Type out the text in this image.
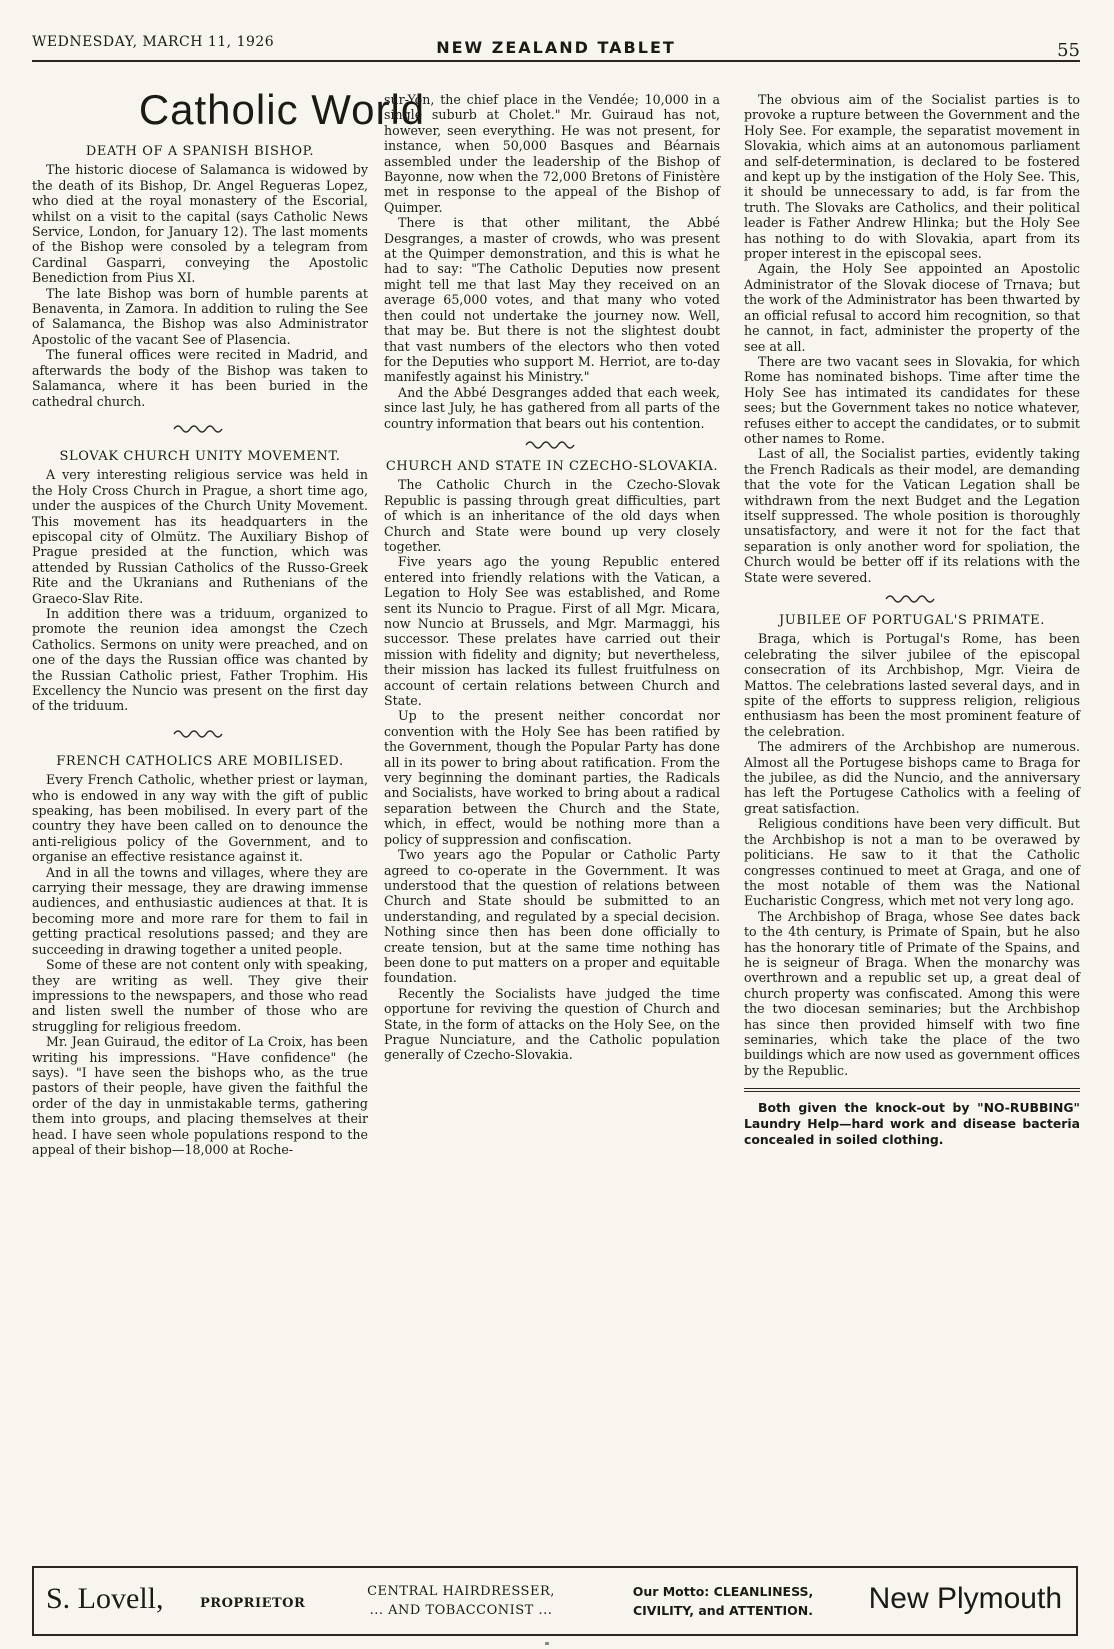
WEDNESDAY, MARCH 11, 1926	NEW ZEALAND TABLET	55
Catholic World
DEATH OF A SPANISH BISHOP.

The historic diocese of Salamanca is widowed by the death of its Bishop, Dr. Angel Regueras Lopez, who died at the royal monastery of the Escorial, whilst on a visit to the capital (says Catholic News Service, London, for January 12). The last moments of the Bishop were consoled by a telegram from Cardinal Gasparri, conveying the Apostolic Benediction from Pius XI.

The late Bishop was born of humble parents at Benaventa, in Zamora. In addition to ruling the See of Salamanca, the Bishop was also Administrator Apostolic of the vacant See of Plasencia.

The funeral offices were recited in Madrid, and afterwards the body of the Bishop was taken to Salamanca, where it has been buried in the cathedral church.

SLOVAK CHURCH UNITY MOVEMENT.

A very interesting religious service was held in the Holy Cross Church in Prague, a short time ago, under the auspices of the Church Unity Movement. This movement has its headquarters in the episcopal city of Olmütz. The Auxiliary Bishop of Prague presided at the function, which was attended by Russian Catholics of the Russo-Greek Rite and the Ukranians and Ruthenians of the Graeco-Slav Rite.

In addition there was a triduum, organized to promote the reunion idea amongst the Czech Catholics. Sermons on unity were preached, and on one of the days the Russian office was chanted by the Russian Catholic priest, Father Trophim. His Excellency the Nuncio was present on the first day of the triduum.

FRENCH CATHOLICS ARE MOBILISED.

Every French Catholic, whether priest or layman, who is endowed in any way with the gift of public speaking, has been mobilised. In every part of the country they have been called on to denounce the anti-religious policy of the Government, and to organise an effective resistance against it.

And in all the towns and villages, where they are carrying their message, they are drawing immense audiences, and enthusiastic audiences at that. It is becoming more and more rare for them to fail in getting practical resolutions passed; and they are succeeding in drawing together a united people.

Some of these are not content only with speaking, they are writing as well. They give their impressions to the newspapers, and those who read and listen swell the number of those who are struggling for religious freedom.

Mr. Jean Guiraud, the editor of La Croix, has been writing his impressions. "Have confidence" (he says). "I have seen the bishops who, as the true pastors of their people, have given the faithful the order of the day in unmistakable terms, gathering them into groups, and placing themselves at their head. I have seen whole populations respond to the appeal of their bishop—18,000 at Roche-

sur-Yon, the chief place in the Vendée; 10,000 in a single suburb at Cholet." Mr. Guiraud has not, however, seen everything. He was not present, for instance, when 50,000 Basques and Béarnais assembled under the leadership of the Bishop of Bayonne, now when the 72,000 Bretons of Finistère met in response to the appeal of the Bishop of Quimper.

There is that other militant, the Abbé Desgranges, a master of crowds, who was present at the Quimper demonstration, and this is what he had to say: "The Catholic Deputies now present might tell me that last May they received on an average 65,000 votes, and that many who voted then could not undertake the journey now. Well, that may be. But there is not the slightest doubt that vast numbers of the electors who then voted for the Deputies who support M. Herriot, are to-day manifestly against his Ministry."

And the Abbé Desgranges added that each week, since last July, he has gathered from all parts of the country information that bears out his contention.

CHURCH AND STATE IN CZECHO-SLOVAKIA.

The Catholic Church in the Czecho-Slovak Republic is passing through great difficulties, part of which is an inheritance of the old days when Church and State were bound up very closely together.

Five years ago the young Republic entered entered into friendly relations with the Vatican, a Legation to Holy See was established, and Rome sent its Nuncio to Prague. First of all Mgr. Micara, now Nuncio at Brussels, and Mgr. Marmaggi, his successor. These prelates have carried out their mission with fidelity and dignity; but nevertheless, their mission has lacked its fullest fruitfulness on account of certain relations between Church and State.

Up to the present neither concordat nor convention with the Holy See has been ratified by the Government, though the Popular Party has done all in its power to bring about ratification. From the very beginning the dominant parties, the Radicals and Socialists, have worked to bring about a radical separation between the Church and the State, which, in effect, would be nothing more than a policy of suppression and confiscation.

Two years ago the Popular or Catholic Party agreed to co-operate in the Government. It was understood that the question of relations between Church and State should be submitted to an understanding, and regulated by a special decision. Nothing since then has been done officially to create tension, but at the same time nothing has been done to put matters on a proper and equitable foundation.

Recently the Socialists have judged the time opportune for reviving the question of Church and State, in the form of attacks on the Holy See, on the Prague Nunciature, and the Catholic population generally of Czecho-Slovakia.

The obvious aim of the Socialist parties is to provoke a rupture between the Government and the Holy See. For example, the separatist movement in Slovakia, which aims at an autonomous parliament and self-determination, is declared to be fostered and kept up by the instigation of the Holy See. This, it should be unnecessary to add, is far from the truth. The Slovaks are Catholics, and their political leader is Father Andrew Hlinka; but the Holy See has nothing to do with Slovakia, apart from its proper interest in the episcopal sees.

Again, the Holy See appointed an Apostolic Administrator of the Slovak diocese of Trnava; but the work of the Administrator has been thwarted by an official refusal to accord him recognition, so that he cannot, in fact, administer the property of the see at all.

There are two vacant sees in Slovakia, for which Rome has nominated bishops. Time after time the Holy See has intimated its candidates for these sees; but the Government takes no notice whatever, refuses either to accept the candidates, or to submit other names to Rome.

Last of all, the Socialist parties, evidently taking the French Radicals as their model, are demanding that the vote for the Vatican Legation shall be withdrawn from the next Budget and the Legation itself suppressed. The whole position is thoroughly unsatisfactory, and were it not for the fact that separation is only another word for spoliation, the Church would be better off if its relations with the State were severed.

JUBILEE OF PORTUGAL'S PRIMATE.

Braga, which is Portugal's Rome, has been celebrating the silver jubilee of the episcopal consecration of its Archbishop, Mgr. Vieira de Mattos. The celebrations lasted several days, and in spite of the efforts to suppress religion, religious enthusiasm has been the most prominent feature of the celebration.

The admirers of the Archbishop are numerous. Almost all the Portugese bishops came to Braga for the jubilee, as did the Nuncio, and the anniversary has left the Portugese Catholics with a feeling of great satisfaction.

Religious conditions have been very difficult. But the Archbishop is not a man to be overawed by politicians. He saw to it that the Catholic congresses continued to meet at Graga, and one of the most notable of them was the National Eucharistic Congress, which met not very long ago.

The Archbishop of Braga, whose See dates back to the 4th century, is Primate of Spain, but he also has the honorary title of Primate of the Spains, and he is seigneur of Braga. When the monarchy was overthrown and a republic set up, a great deal of church property was confiscated. Among this were the two diocesan seminaries; but the Archbishop has since then provided himself with two fine seminaries, which take the place of the two buildings which are now used as government offices by the Republic.

Both given the knock-out by "NO-RUBBING" Laundry Help—hard work and disease bacteria concealed in soiled clothing.

S. Lovell,	PROPRIETOR
CENTRAL HAIRDRESSER,
... AND TOBACCONIST ...
Our Motto: CLEANLINESS,
CIVILITY, and ATTENTION.	New Plymouth
